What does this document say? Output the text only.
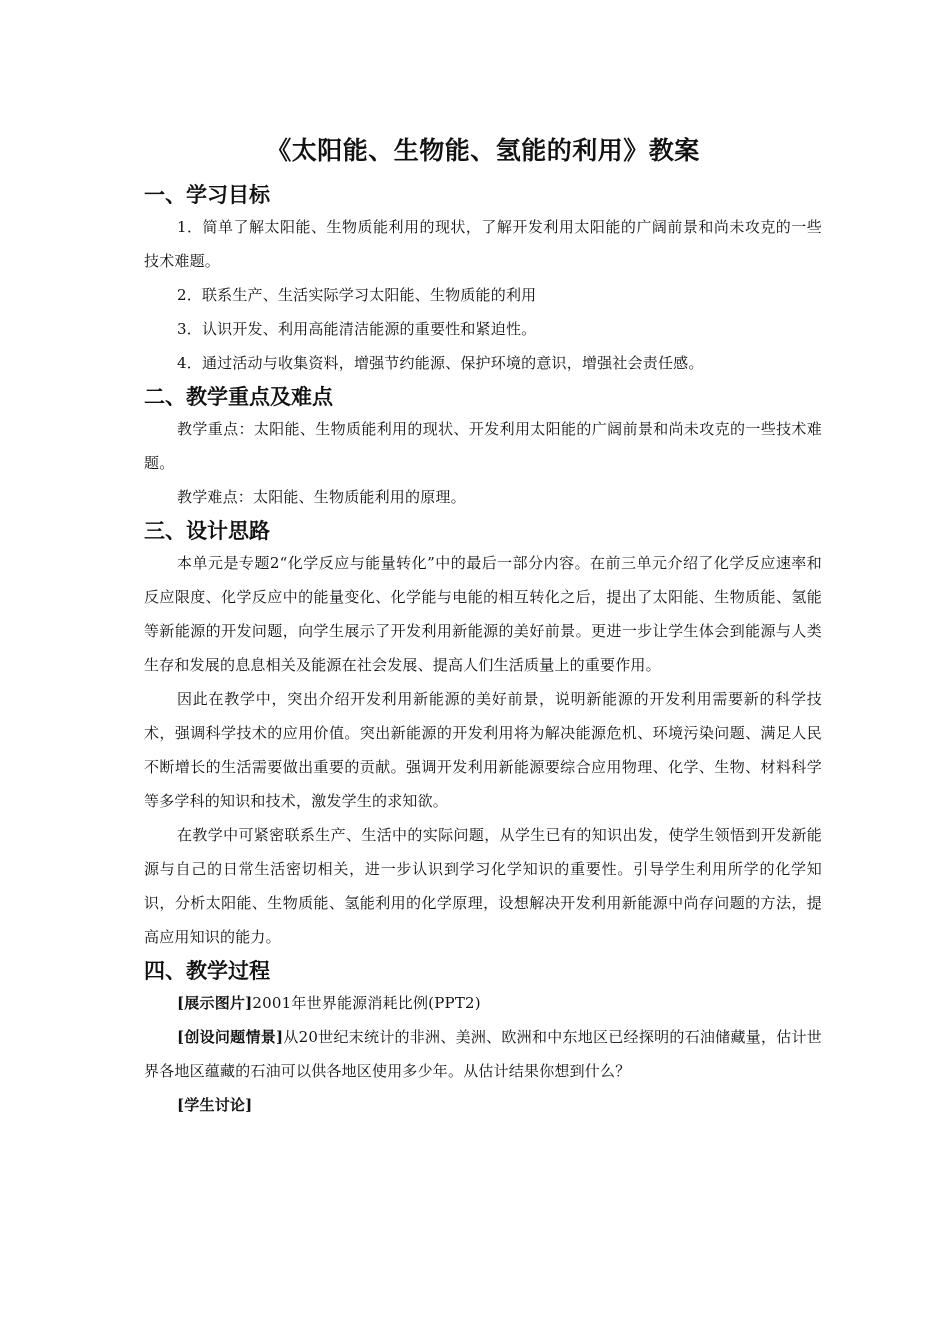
《太阳能、生物能、氢能的利用》教案
一、学习目标

1．简单了解太阳能、生物质能利用的现状，了解开发利用太阳能的广阔前景和尚未攻克的一些技术难题。

2．联系生产、生活实际学习太阳能、生物质能的利用

3．认识开发、利用高能清洁能源的重要性和紧迫性。

4．通过活动与收集资料，增强节约能源、保护环境的意识，增强社会责任感。

二、教学重点及难点

教学重点：太阳能、生物质能利用的现状、开发利用太阳能的广阔前景和尚未攻克的一些技术难题。

教学难点：太阳能、生物质能利用的原理。

三、设计思路

本单元是专题2“化学反应与能量转化”中的最后一部分内容。在前三单元介绍了化学反应速率和反应限度、化学反应中的能量变化、化学能与电能的相互转化之后，提出了太阳能、生物质能、氢能等新能源的开发问题，向学生展示了开发利用新能源的美好前景。更进一步让学生体会到能源与人类生存和发展的息息相关及能源在社会发展、提高人们生活质量上的重要作用。

因此在教学中，突出介绍开发利用新能源的美好前景，说明新能源的开发利用需要新的科学技术，强调科学技术的应用价值。突出新能源的开发利用将为解决能源危机、环境污染问题、满足人民不断增长的生活需要做出重要的贡献。强调开发利用新能源要综合应用物理、化学、生物、材料科学等多学科的知识和技术，激发学生的求知欲。

在教学中可紧密联系生产、生活中的实际问题，从学生已有的知识出发，使学生领悟到开发新能源与自己的日常生活密切相关，进一步认识到学习化学知识的重要性。引导学生利用所学的化学知识，分析太阳能、生物质能、氢能利用的化学原理，设想解决开发利用新能源中尚存问题的方法，提高应用知识的能力。

四、教学过程

[展示图片]2001年世界能源消耗比例(PPT2)

[创设问题情景]从20世纪末统计的非洲、美洲、欧洲和中东地区已经探明的石油储藏量，估计世界各地区蕴藏的石油可以供各地区使用多少年。从估计结果你想到什么？

[学生讨论]
